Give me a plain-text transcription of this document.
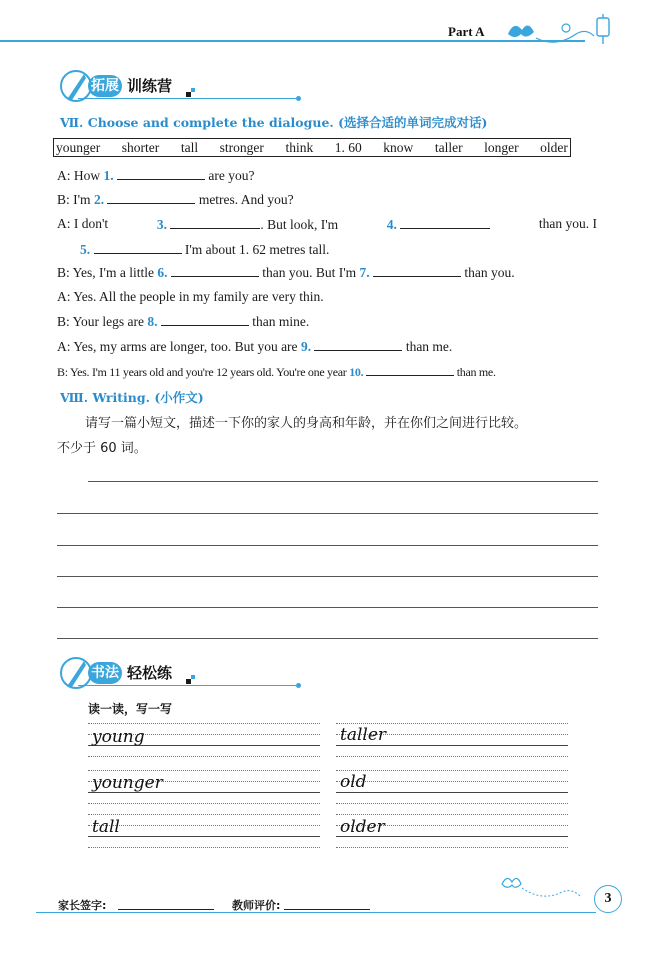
Part A
拓展 训练营
Ⅶ. Choose and complete the dialogue. (选择合适的单词完成对话)
younger shorter tall stronger think 1. 60 know taller longer older
A: How 1.	are you?
B: I'm 2.	metres. And you?
A: I don't	3.	. But look, I'm	4.	than you. I
5.	I'm about 1. 62 metres tall.
B: Yes, I'm a little 6.	than you. But I'm 7.	than you.
A: Yes. All the people in my family are very thin.
B: Your legs are 8.	than mine.
A: Yes, my arms are longer, too. But you are 9.	than me.
B: Yes. I'm 11 years old and you're 12 years old. You're one year 10.	than me.
Ⅷ. Writing. (小作文)
请写一篇小短文，描述一下你的家人的身高和年龄，并在你们之间进行比较。
不少于 60 词。
书法 轻松练
读一读，写一写
young
younger
tall
taller
old
older
家长签字:	教师评价:	3
